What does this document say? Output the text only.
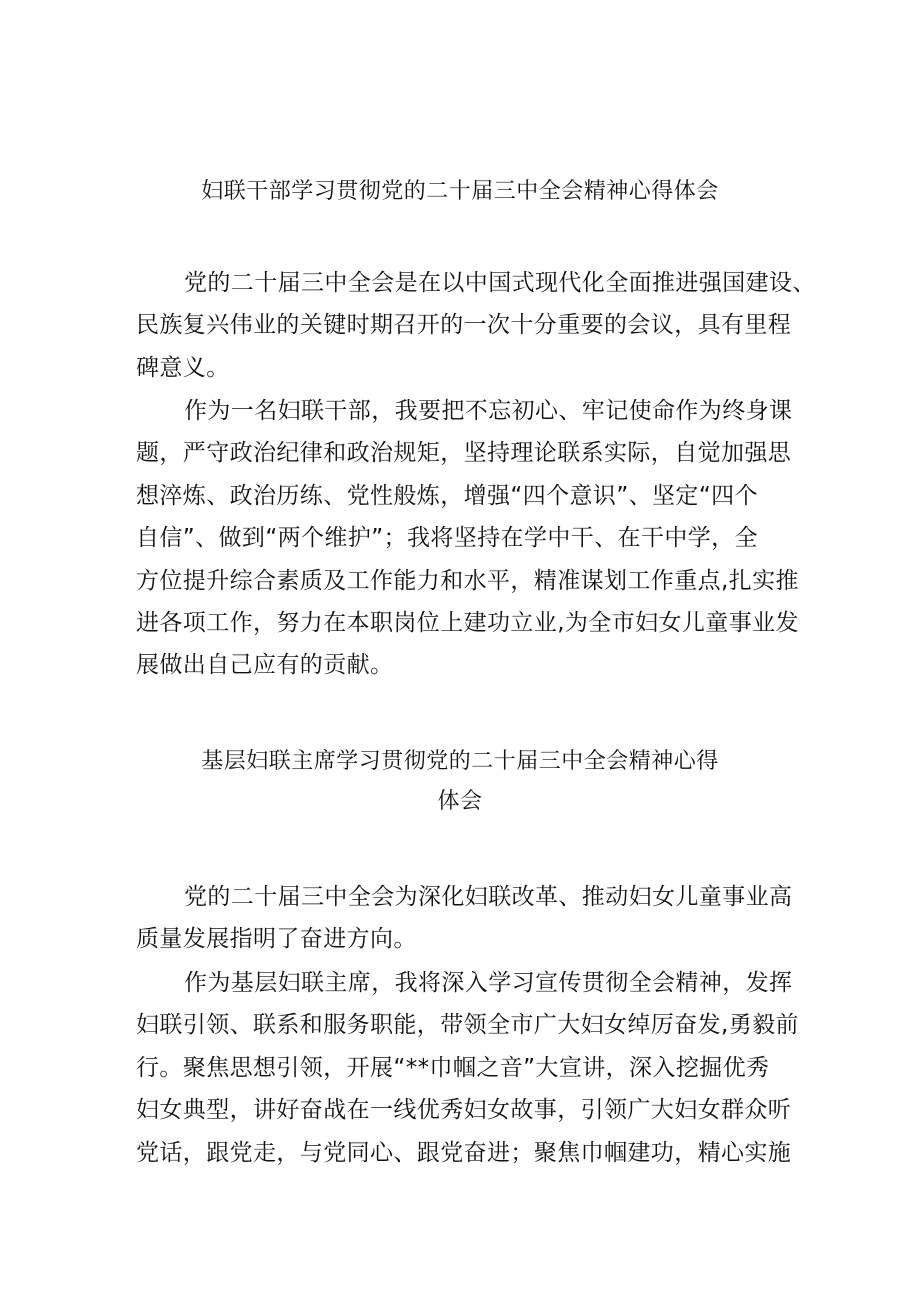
妇联干部学习贯彻党的二十届三中全会精神心得体会

党的二十届三中全会是在以中国式现代化全面推进强国建设、
民族复兴伟业的关键时期召开的一次十分重要的会议，具有里程
碑意义。

作为一名妇联干部，我要把不忘初心、牢记使命作为终身课
题，严守政治纪律和政治规矩，坚持理论联系实际，自觉加强思
想淬炼、政治历练、党性般炼，增强“四个意识”、坚定“四个
自信”、做到“两个维护”；我将坚持在学中干、在干中学，全
方位提升综合素质及工作能力和水平，精准谋划工作重点,扎实推
进各项工作，努力在本职岗位上建功立业,为全市妇女儿童事业发
展做出自己应有的贡献。

基层妇联主席学习贯彻党的二十届三中全会精神心得
体会

党的二十届三中全会为深化妇联改革、推动妇女儿童事业高
质量发展指明了奋进方向。

作为基层妇联主席，我将深入学习宣传贯彻全会精神，发挥
妇联引领、联系和服务职能，带领全市广大妇女绰厉奋发,勇毅前
行。聚焦思想引领，开展“**巾帼之音”大宣讲，深入挖掘优秀
妇女典型，讲好奋战在一线优秀妇女故事，引领广大妇女群众听
党话，跟党走，与党同心、跟党奋进；聚焦巾帼建功，精心实施
